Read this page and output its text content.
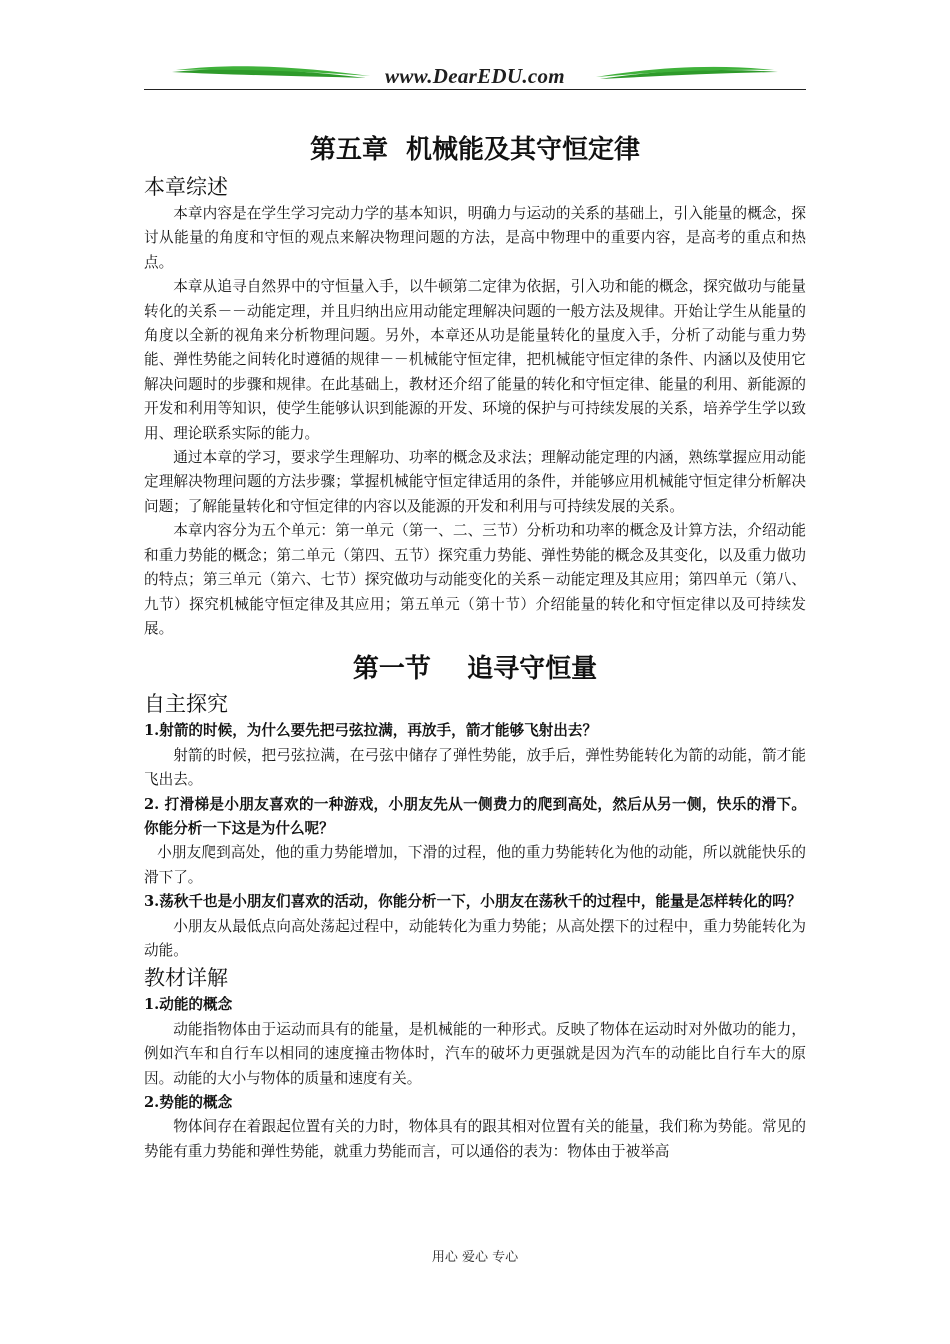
www.DearEDU.com
第五章  机械能及其守恒定律
本章综述

本章内容是在学生学习完动力学的基本知识，明确力与运动的关系的基础上，引入能量的概念，探讨从能量的角度和守恒的观点来解决物理问题的方法，是高中物理中的重要内容，是高考的重点和热点。

本章从追寻自然界中的守恒量入手，以牛顿第二定律为依据，引入功和能的概念，探究做功与能量转化的关系－－动能定理，并且归纳出应用动能定理解决问题的一般方法及规律。开始让学生从能量的角度以全新的视角来分析物理问题。另外，本章还从功是能量转化的量度入手，分析了动能与重力势能、弹性势能之间转化时遵循的规律－－机械能守恒定律，把机械能守恒定律的条件、内涵以及使用它解决问题时的步骤和规律。在此基础上，教材还介绍了能量的转化和守恒定律、能量的利用、新能源的开发和利用等知识，使学生能够认识到能源的开发、环境的保护与可持续发展的关系，培养学生学以致用、理论联系实际的能力。

通过本章的学习，要求学生理解功、功率的概念及求法；理解动能定理的内涵，熟练掌握应用动能定理解决物理问题的方法步骤；掌握机械能守恒定律适用的条件，并能够应用机械能守恒定律分析解决问题；了解能量转化和守恒定律的内容以及能源的开发和利用与可持续发展的关系。

本章内容分为五个单元：第一单元（第一、二、三节）分析功和功率的概念及计算方法，介绍动能和重力势能的概念；第二单元（第四、五节）探究重力势能、弹性势能的概念及其变化，以及重力做功的特点；第三单元（第六、七节）探究做功与动能变化的关系－动能定理及其应用；第四单元（第八、九节）探究机械能守恒定律及其应用；第五单元（第十节）介绍能量的转化和守恒定律以及可持续发展。

第一节    追寻守恒量
自主探究

1.射箭的时候，为什么要先把弓弦拉满，再放手，箭才能够飞射出去？

射箭的时候，把弓弦拉满，在弓弦中储存了弹性势能，放手后，弹性势能转化为箭的动能，箭才能飞出去。

2. 打滑梯是小朋友喜欢的一种游戏，小朋友先从一侧费力的爬到高处，然后从另一侧，快乐的滑下。你能分析一下这是为什么呢？

小朋友爬到高处，他的重力势能增加，下滑的过程，他的重力势能转化为他的动能，所以就能快乐的滑下了。

3.荡秋千也是小朋友们喜欢的活动，你能分析一下，小朋友在荡秋千的过程中，能量是怎样转化的吗？

小朋友从最低点向高处荡起过程中，动能转化为重力势能；从高处摆下的过程中，重力势能转化为动能。

教材详解
1.动能的概念

动能指物体由于运动而具有的能量，是机械能的一种形式。反映了物体在运动时对外做功的能力，例如汽车和自行车以相同的速度撞击物体时，汽车的破坏力更强就是因为汽车的动能比自行车大的原因。动能的大小与物体的质量和速度有关。

2.势能的概念

物体间存在着跟起位置有关的力时，物体具有的跟其相对位置有关的能量，我们称为势能。常见的势能有重力势能和弹性势能，就重力势能而言，可以通俗的表为：物体由于被举高

用心 爱心 专心
